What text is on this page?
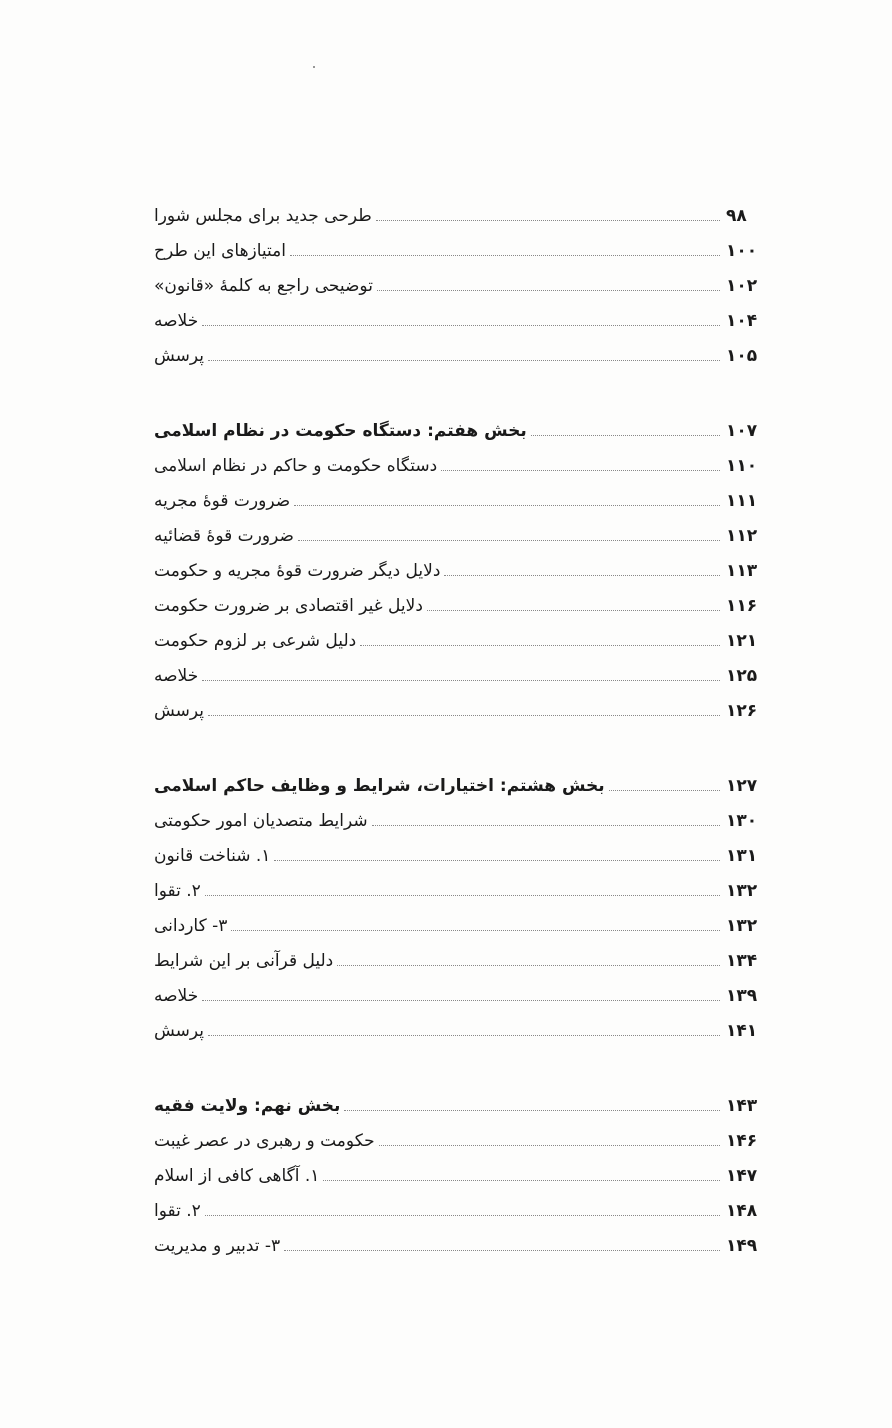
طرحی جدید برای مجلس شورا	۹۸
امتیازهای این طرح	۱۰۰
توضیحی راجع به کلمهٔ «قانون»	۱۰۲
خلاصه	۱۰۴
پرسش	۱۰۵
بخش هفتم: دستگاه حکومت در نظام اسلامی	۱۰۷
دستگاه حکومت و حاکم در نظام اسلامی	۱۱۰
ضرورت قوهٔ مجریه	۱۱۱
ضرورت قوهٔ قضائیه	۱۱۲
دلایل دیگر ضرورت قوهٔ مجریه و حکومت	۱۱۳
دلایل غیر اقتصادی بر ضرورت حکومت	۱۱۶
دلیل شرعی بر لزوم حکومت	۱۲۱
خلاصه	۱۲۵
پرسش	۱۲۶
بخش هشتم: اختیارات، شرایط و وظایف حاکم اسلامی	۱۲۷
شرایط متصدیان امور حکومتی	۱۳۰
۱. شناخت قانون	۱۳۱
۲. تقوا	۱۳۲
۳- کاردانی	۱۳۲
دلیل قرآنی بر این شرایط	۱۳۴
خلاصه	۱۳۹
پرسش	۱۴۱
بخش نهم: ولایت فقیه	۱۴۳
حکومت و رهبری در عصر غیبت	۱۴۶
۱. آگاهی کافی از اسلام	۱۴۷
۲. تقوا	۱۴۸
۳- تدبیر و مدیریت	۱۴۹
